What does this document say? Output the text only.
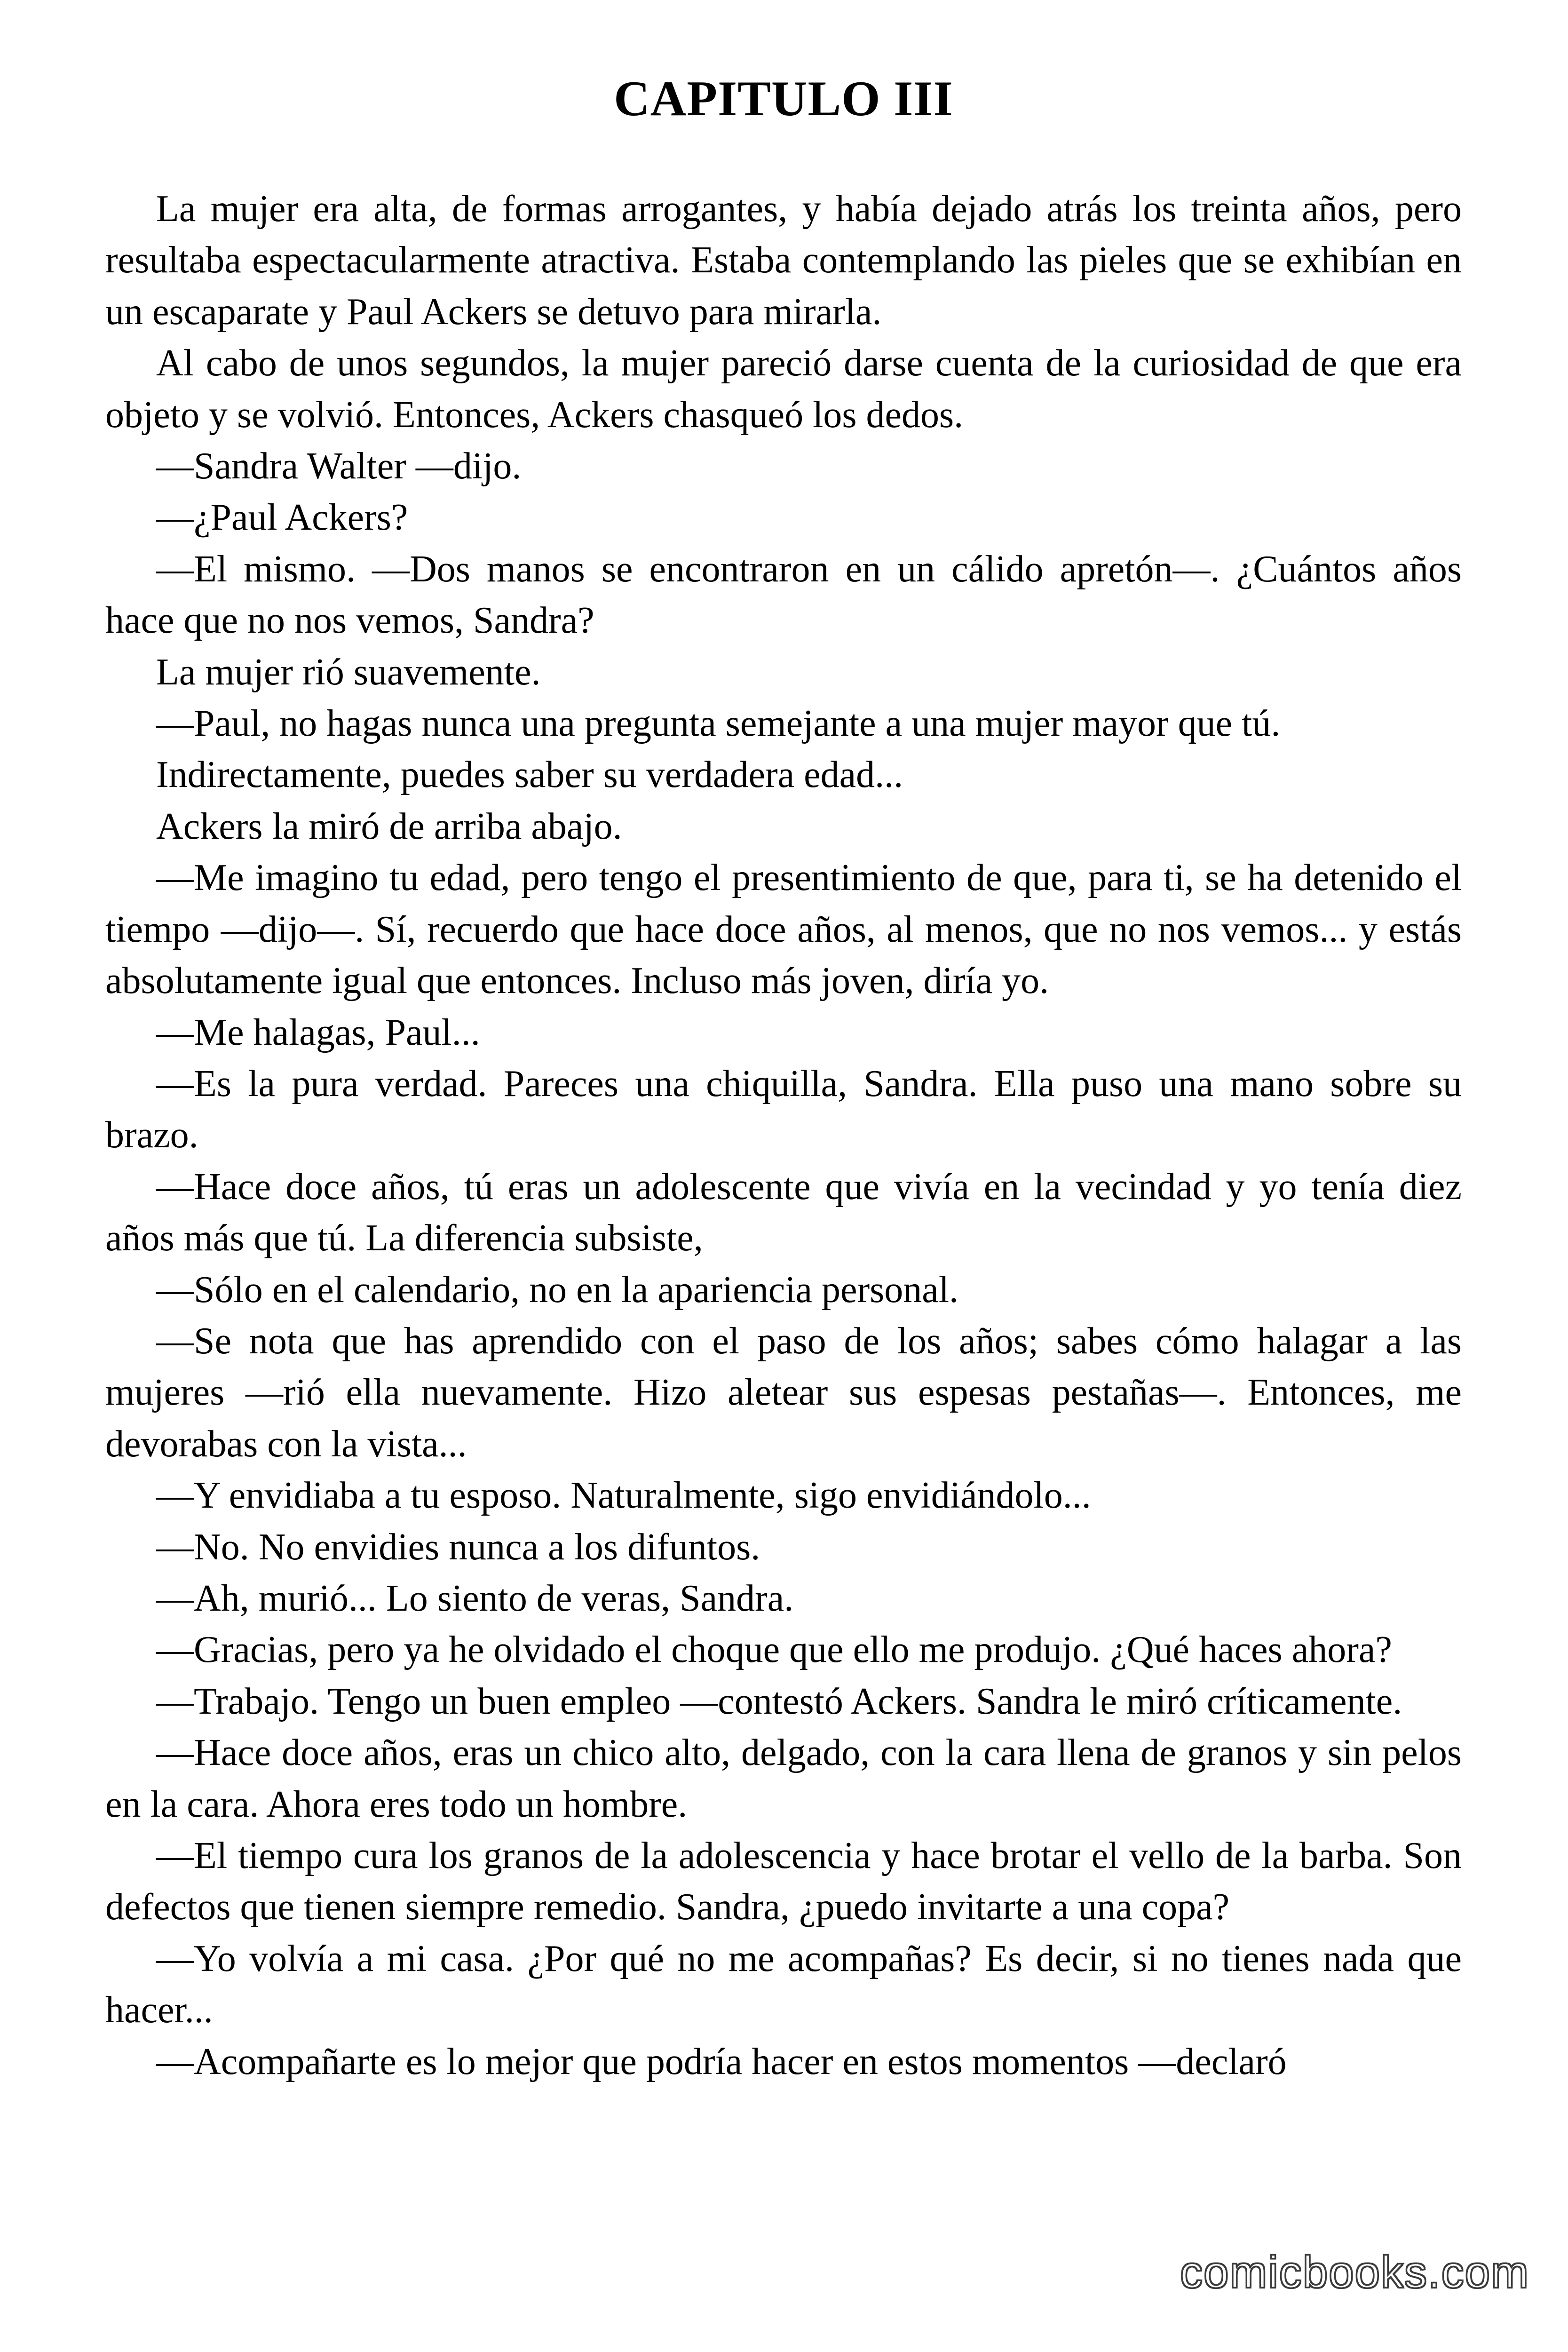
CAPITULO III

La mujer era alta, de formas arrogantes, y había dejado atrás los treinta años, pero resultaba espectacularmente atractiva. Estaba contemplando las pieles que se exhibían en un escaparate y Paul Ackers se detuvo para mirarla.

Al cabo de unos segundos, la mujer pareció darse cuenta de la curiosidad de que era objeto y se volvió. Entonces, Ackers chasqueó los dedos.

—Sandra Walter —dijo.

—¿Paul Ackers?

—El mismo. —Dos manos se encontraron en un cálido apretón—. ¿Cuántos años hace que no nos vemos, Sandra?

La mujer rió suavemente.

—Paul, no hagas nunca una pregunta semejante a una mujer mayor que tú.

Indirectamente, puedes saber su verdadera edad...

Ackers la miró de arriba abajo.

—Me imagino tu edad, pero tengo el presentimiento de que, para ti, se ha detenido el tiempo —dijo—. Sí, recuerdo que hace doce años, al menos, que no nos vemos... y estás absolutamente igual que entonces. Incluso más joven, diría yo.

—Me halagas, Paul...

—Es la pura verdad. Pareces una chiquilla, Sandra. Ella puso una mano sobre su brazo.

—Hace doce años, tú eras un adolescente que vivía en la vecindad y yo tenía diez años más que tú. La diferencia subsiste,

—Sólo en el calendario, no en la apariencia personal.

—Se nota que has aprendido con el paso de los años; sabes cómo halagar a las mujeres —rió ella nuevamente. Hizo aletear sus espesas pestañas—. Entonces, me devorabas con la vista...

—Y envidiaba a tu esposo. Naturalmente, sigo envidiándolo...

—No. No envidies nunca a los difuntos.

—Ah, murió... Lo siento de veras, Sandra.

—Gracias, pero ya he olvidado el choque que ello me produjo. ¿Qué haces ahora?

—Trabajo. Tengo un buen empleo —contestó Ackers. Sandra le miró críticamente.

—Hace doce años, eras un chico alto, delgado, con la cara llena de granos y sin pelos en la cara. Ahora eres todo un hombre.

—El tiempo cura los granos de la adolescencia y hace brotar el vello de la barba. Son defectos que tienen siempre remedio. Sandra, ¿puedo invitarte a una copa?

—Yo volvía a mi casa. ¿Por qué no me acompañas? Es decir, si no tienes nada que hacer...

—Acompañarte es lo mejor que podría hacer en estos momentos —declaró

comicbooks.com
